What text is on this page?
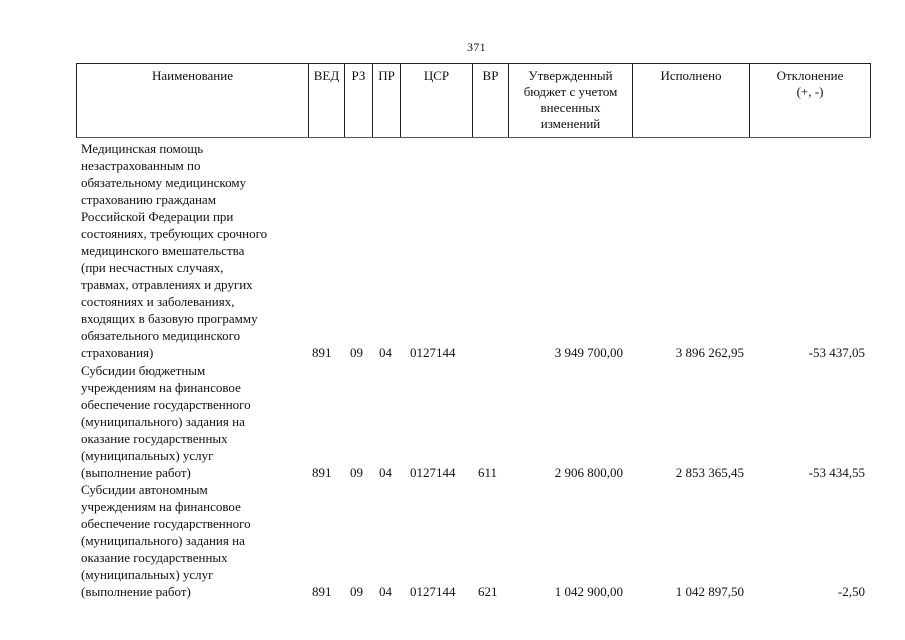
371
Наименование	ВЕД РЗ ПР	ЦСР	ВР	Утвержденный
бюджет с учетом
внесенных
изменений
Исполнено	Отклонение
(+, -)
Медицинская помощь
незастрахованным по
обязательному медицинскому
страхованию гражданам
Российской Федерации при
состояниях, требующих срочного
медицинского вмешательства
(при несчастных случаях,
травмах, отравлениях и других
состояниях и заболеваниях,
входящих в базовую программу
обязательного медицинского
страхования)	891 09 04 0127144	3 949 700,00	3 896 262,95	-53 437,05
Субсидии бюджетным
учреждениям на финансовое
обеспечение государственного
(муниципального) задания на
оказание государственных
(муниципальных) услуг
(выполнение работ)	891 09 04 0127144 611	2 906 800,00	2 853 365,45	-53 434,55
Субсидии автономным
учреждениям на финансовое
обеспечение государственного
(муниципального) задания на
оказание государственных
(муниципальных) услуг
(выполнение работ)	891 09 04 0127144 621	1 042 900,00	1 042 897,50	-2,50
